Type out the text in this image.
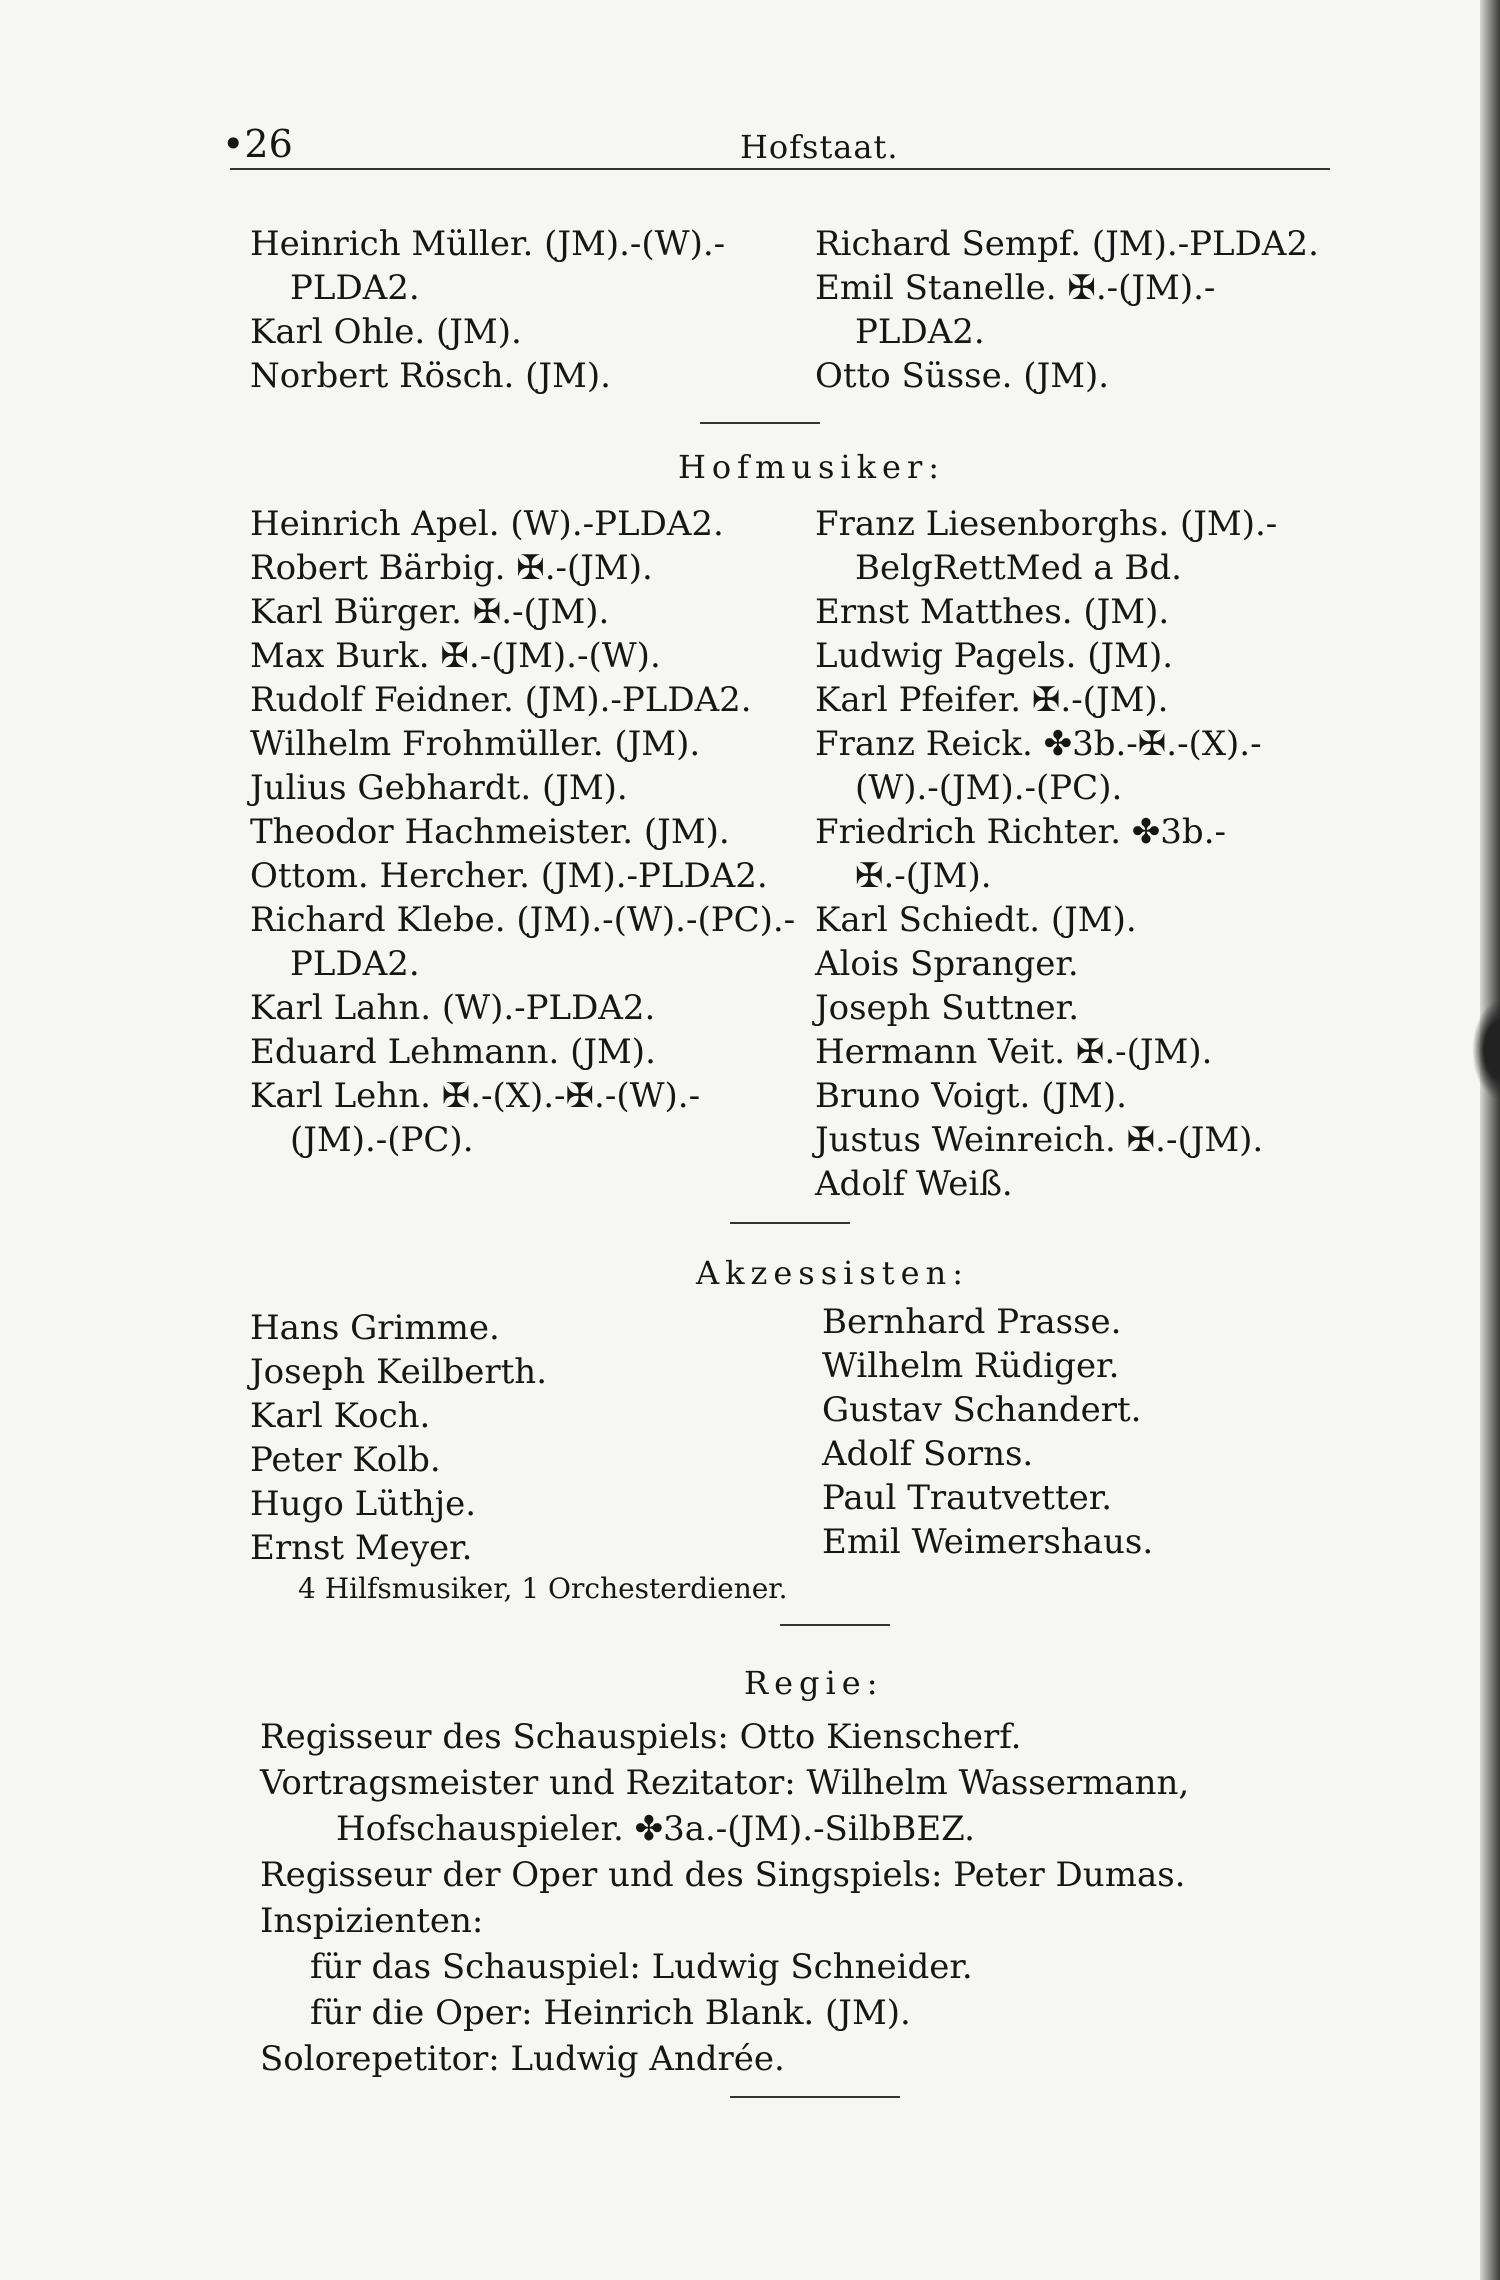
•26	Hofstaat.
Heinrich Müller. (JM).-(W).-
PLDA2.
Karl Ohle. (JM).
Norbert Rösch. (JM).
Richard Sempf. (JM).-PLDA2.
Emil Stanelle. ✠.-(JM).-
PLDA2.
Otto Süsse. (JM).
Hofmusiker:
Heinrich Apel. (W).-PLDA2.
Robert Bärbig. ✠.-(JM).
Karl Bürger. ✠.-(JM).
Max Burk. ✠.-(JM).-(W).
Rudolf Feidner. (JM).-PLDA2.
Wilhelm Frohmüller. (JM).
Julius Gebhardt. (JM).
Theodor Hachmeister. (JM).
Ottom. Hercher. (JM).-PLDA2.
Richard Klebe. (JM).-(W).-(PC).-
PLDA2.
Karl Lahn. (W).-PLDA2.
Eduard Lehmann. (JM).
Karl Lehn. ✠.-(X).-✠.-(W).-
(JM).-(PC).
Franz Liesenborghs. (JM).-
BelgRettMed a Bd.
Ernst Matthes. (JM).
Ludwig Pagels. (JM).
Karl Pfeifer. ✠.-(JM).
Franz Reick. ✤3b.-✠.-(X).-
(W).-(JM).-(PC).
Friedrich Richter. ✤3b.-
✠.-(JM).
Karl Schiedt. (JM).
Alois Spranger.
Joseph Suttner.
Hermann Veit. ✠.-(JM).
Bruno Voigt. (JM).
Justus Weinreich. ✠.-(JM).
Adolf Weiß.
Akzessisten:
Hans Grimme.
Joseph Keilberth.
Karl Koch.
Peter Kolb.
Hugo Lüthje.
Ernst Meyer.
Bernhard Prasse.
Wilhelm Rüdiger.
Gustav Schandert.
Adolf Sorns.
Paul Trautvetter.
Emil Weimershaus.
4 Hilfsmusiker, 1 Orchesterdiener.
Regie:
Regisseur des Schauspiels: Otto Kienscherf.
Vortragsmeister und Rezitator: Wilhelm Wassermann,
Hofschauspieler. ✤3a.-(JM).-SilbBEZ.
Regisseur der Oper und des Singspiels: Peter Dumas.
Inspizienten:
für das Schauspiel: Ludwig Schneider.
für die Oper: Heinrich Blank. (JM).
Solorepetitor: Ludwig Andrée.
